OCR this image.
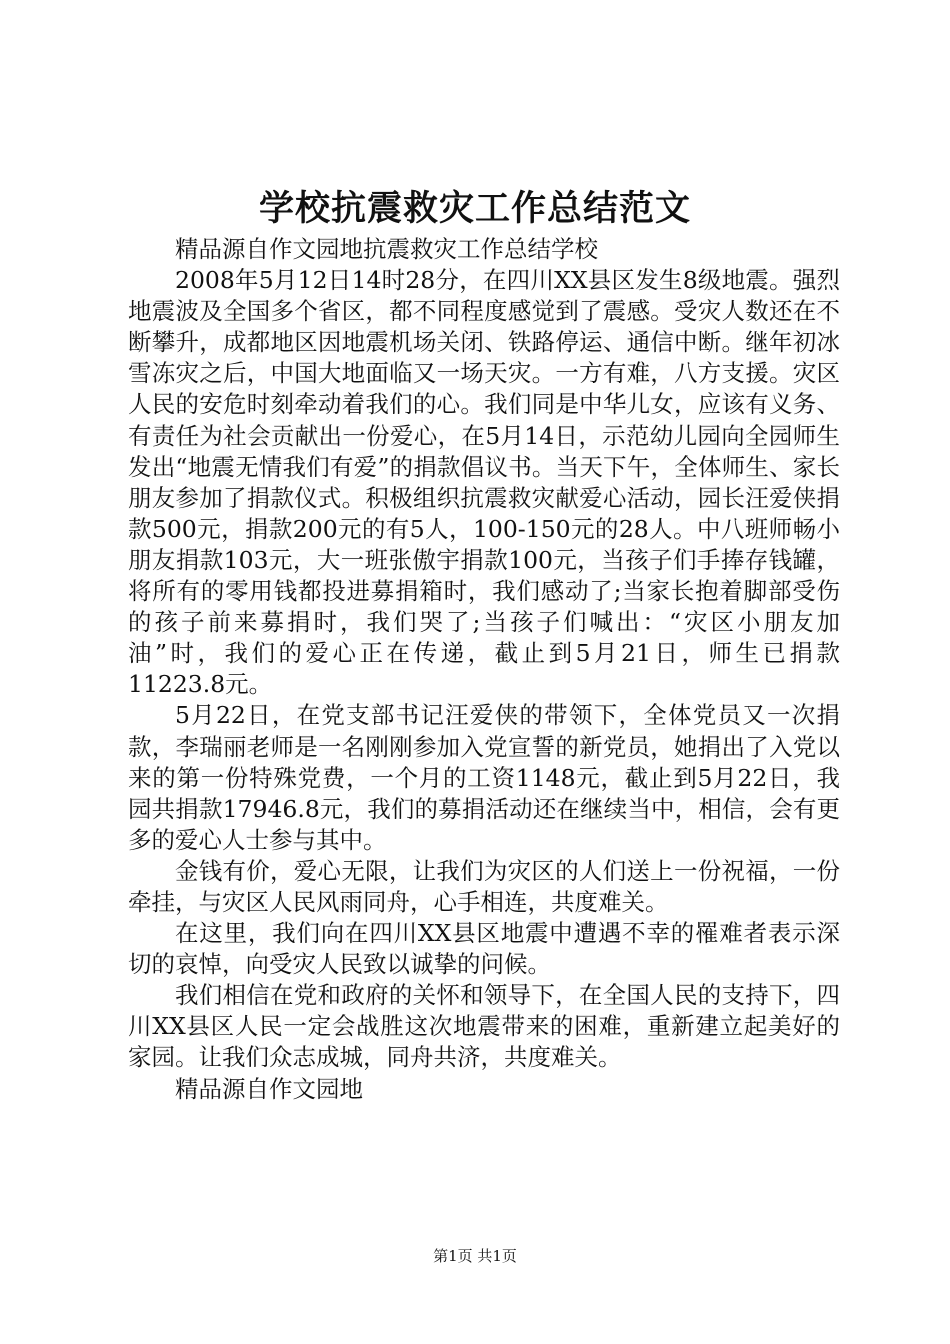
学校抗震救灾工作总结范文

精品源自作文园地抗震救灾工作总结学校

2008年5月12日14时28分，在四川XX县区发生8级地震。强烈地震波及全国多个省区，都不同程度感觉到了震感。受灾人数还在不断攀升，成都地区因地震机场关闭、铁路停运、通信中断。继年初冰雪冻灾之后，中国大地面临又一场天灾。一方有难，八方支援。灾区人民的安危时刻牵动着我们的心。我们同是中华儿女，应该有义务、有责任为社会贡献出一份爱心，在5月14日，示范幼儿园向全园师生发出“地震无情我们有爱”的捐款倡议书。当天下午，全体师生、家长朋友参加了捐款仪式。积极组织抗震救灾献爱心活动，园长汪爱侠捐款500元，捐款200元的有5人，100-150元的28人。中八班师畅小朋友捐款103元，大一班张傲宇捐款100元，当孩子们手捧存钱罐，将所有的零用钱都投进募捐箱时，我们感动了;当家长抱着脚部受伤的孩子前来募捐时，我们哭了;当孩子们喊出：“灾区小朋友加油”时，我们的爱心正在传递，截止到5月21日，师生已捐款11223.8元。

5月22日，在党支部书记汪爱侠的带领下，全体党员又一次捐款，李瑞丽老师是一名刚刚参加入党宣誓的新党员，她捐出了入党以来的第一份特殊党费，一个月的工资1148元，截止到5月22日，我园共捐款17946.8元，我们的募捐活动还在继续当中，相信，会有更多的爱心人士参与其中。

金钱有价，爱心无限，让我们为灾区的人们送上一份祝福，一份牵挂，与灾区人民风雨同舟，心手相连，共度难关。

在这里，我们向在四川XX县区地震中遭遇不幸的罹难者表示深切的哀悼，向受灾人民致以诚挚的问候。

我们相信在党和政府的关怀和领导下，在全国人民的支持下，四川XX县区人民一定会战胜这次地震带来的困难，重新建立起美好的家园。让我们众志成城，同舟共济，共度难关。

精品源自作文园地

第1页 共1页
